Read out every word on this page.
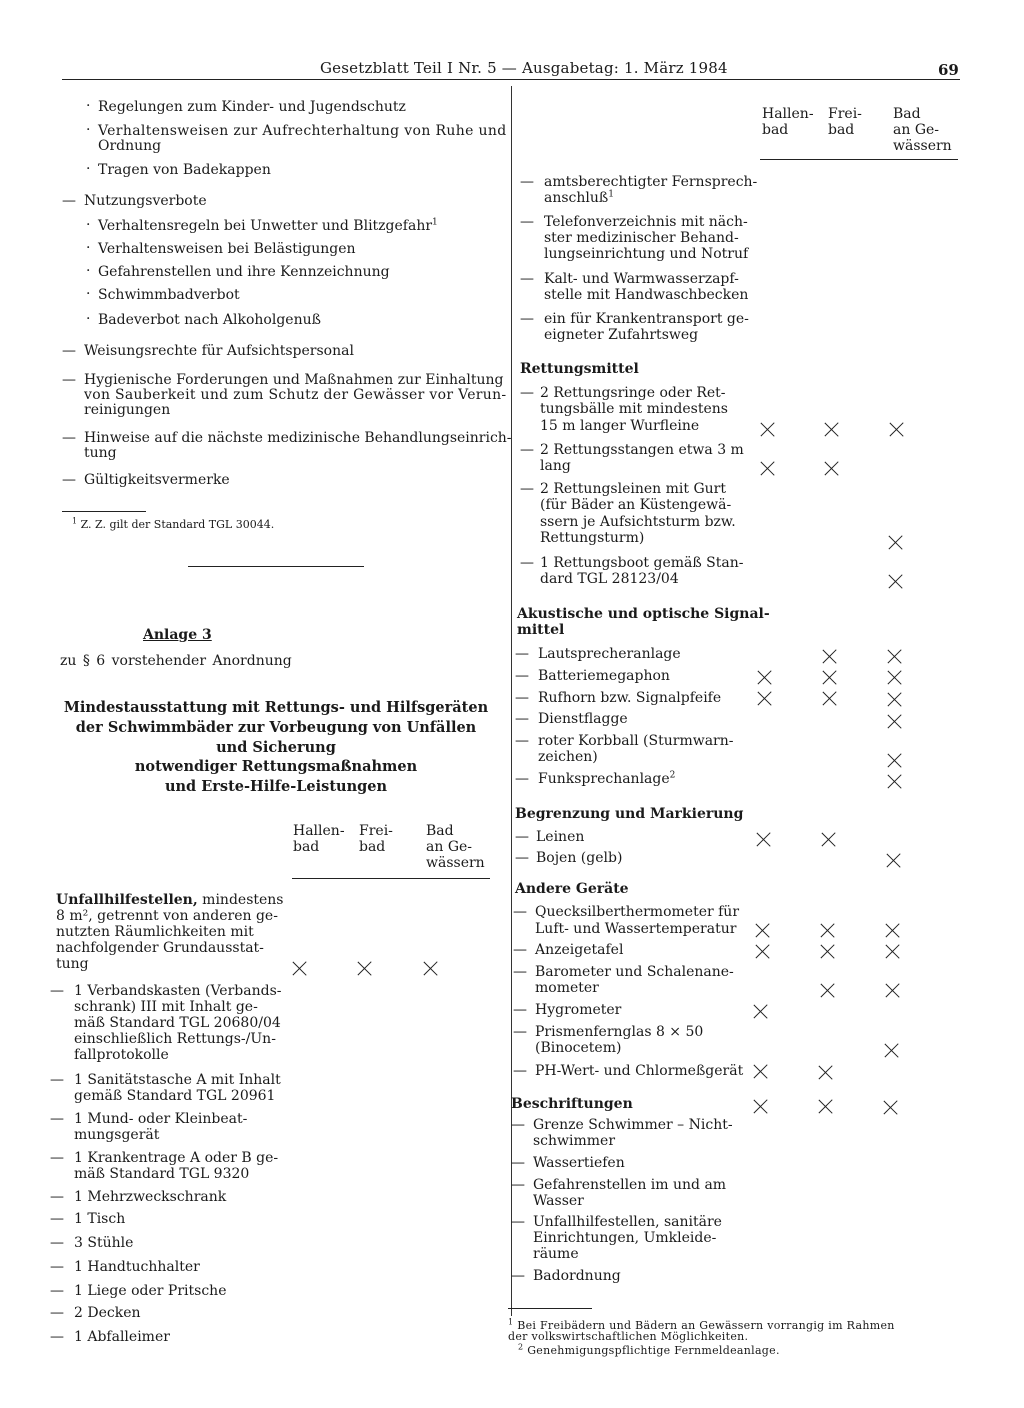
Gesetzblatt Teil I Nr. 5 — Ausgabetag: 1. März 1984	69
· Regelungen zum Kinder- und Jugendschutz
· Verhaltensweisen zur Aufrechterhaltung von Ruhe und
Ordnung
· Tragen von Badekappen
— Nutzungsverbote
· Verhaltensregeln bei Unwetter und Blitzgefahr$^1$
· Verhaltensweisen bei Belästigungen
· Gefahrenstellen und ihre Kennzeichnung
· Schwimmbadverbot
· Badeverbot nach Alkoholgenuß
— Weisungsrechte für Aufsichtspersonal
— Hygienische Forderungen und Maßnahmen zur Einhaltung
von Sauberkeit und zum Schutz der Gewässer vor Verun-
reinigungen
— Hinweise auf die nächste medizinische Behandlungseinrich-
tung
— Gültigkeitsvermerke
$^1$ Z. Z. gilt der Standard TGL 30044.
Anlage 3
zu § 6 vorstehender Anordnung
Mindestausstattung mit Rettungs- und Hilfsgeräten
der Schwimmbäder zur Vorbeugung von Unfällen
und Sicherung
notwendiger Rettungsmaßnahmen
und Erste-Hilfe-Leistungen
Hallen-
bad
Frei-
bad
Bad
an Ge-
wässern
Unfallhilfestellen, mindestens
8 m², getrennt von anderen ge-
nutzten Räumlichkeiten mit
nachfolgender Grundausstat-
tung
— 1 Verbandskasten (Verbands-
schrank) III mit Inhalt ge-
mäß Standard TGL 20680/04
einschließlich Rettungs-/Un-
fallprotokolle
— 1 Sanitätstasche A mit Inhalt
gemäß Standard TGL 20961
— 1 Mund- oder Kleinbeat-
mungsgerät
— 1 Krankentrage A oder B ge-
mäß Standard TGL 9320
— 1 Mehrzweckschrank
— 1 Tisch
— 3 Stühle
— 1 Handtuchhalter
— 1 Liege oder Pritsche
— 2 Decken
— 1 Abfalleimer
Hallen-
bad
Frei-
bad
Bad
an Ge-
wässern
— amtsberechtigter Fernsprech-
anschluß$^1$
— Telefonverzeichnis mit näch-
ster medizinischer Behand-
lungseinrichtung und Notruf
— Kalt- und Warmwasserzapf-
stelle mit Handwaschbecken
— ein für Krankentransport ge-
eigneter Zufahrtsweg
Rettungsmittel
— 2 Rettungsringe oder Ret-
tungsbälle mit mindestens
15 m langer Wurfleine
— 2 Rettungsstangen etwa 3 m
lang
— 2 Rettungsleinen mit Gurt
(für Bäder an Küstengewä-
ssern je Aufsichtsturm bzw.
Rettungsturm)
— 1 Rettungsboot gemäß Stan-
dard TGL 28123/04
Akustische und optische Signal-
mittel
— Lautsprecheranlage
— Batteriemegaphon
— Rufhorn bzw. Signalpfeife
— Dienstflagge
— roter Korbball (Sturmwarn-
zeichen)
— Funksprechanlage$^2$
Begrenzung und Markierung
— Leinen
— Bojen (gelb)
Andere Geräte
— Quecksilberthermometer für
Luft- und Wassertemperatur
— Anzeigetafel
— Barometer und Schalenane-
mometer
— Hygrometer
— Prismenfernglas 8 × 50
(Binocetem)
— PH-Wert- und Chlormeßgerät
Beschriftungen
— Grenze Schwimmer – Nicht-
schwimmer
— Wassertiefen
— Gefahrenstellen im und am
Wasser
— Unfallhilfestellen, sanitäre
Einrichtungen, Umkleide-
räume
— Badordnung
$^1$ Bei Freibädern und Bädern an Gewässern vorrangig im Rahmen
der volkswirtschaftlichen Möglichkeiten.
$^2$ Genehmigungspflichtige Fernmeldeanlage.
